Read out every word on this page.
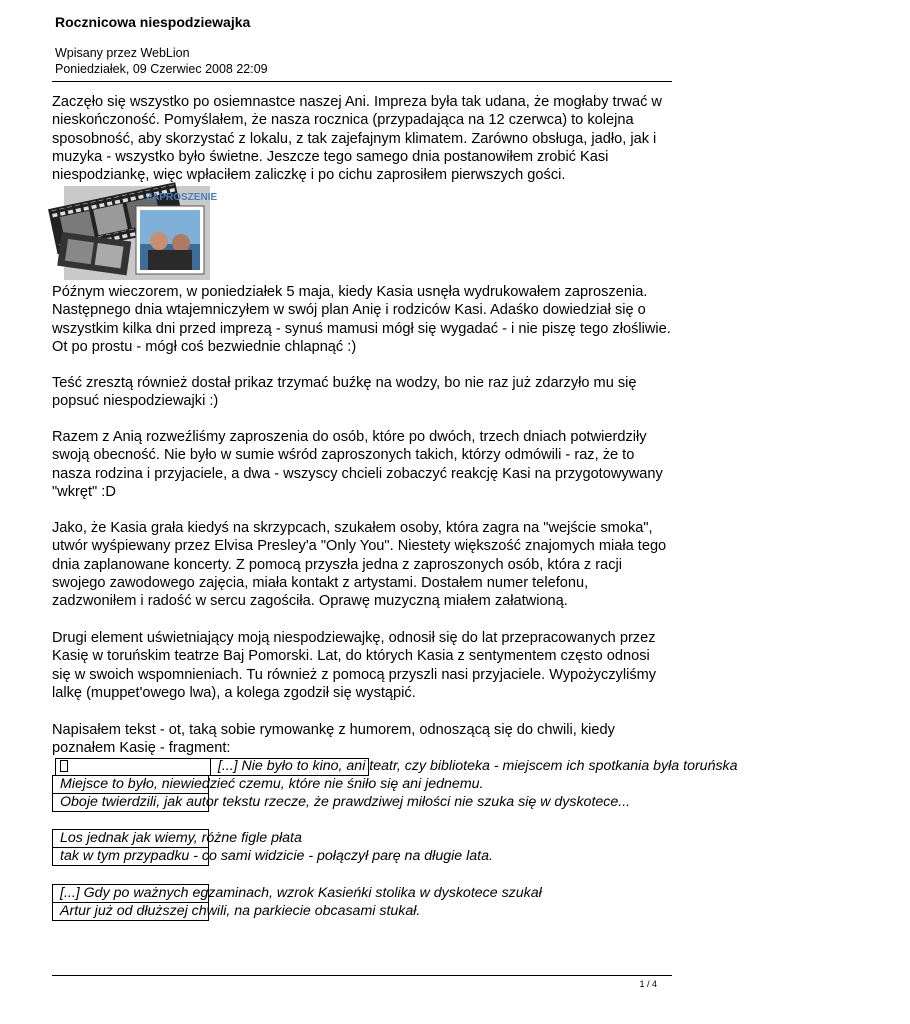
Rocznicowa niespodziewajka
Wpisany przez WebLion
Poniedziałek, 09 Czerwiec 2008 22:09
Zaczęło się wszystko po osiemnastce naszej Ani. Impreza była tak udana, że mogłaby trwać w
nieskończoność. Pomyślałem, że nasza rocznica (przypadająca na 12 czerwca) to kolejna
sposobność, aby skorzystać z lokalu, z tak zajefajnym klimatem. Zarówno obsługa, jadło, jak i
muzyka - wszystko było świetne. Jeszcze tego samego dnia postanowiłem zrobić Kasi
niespodziankę, więc wpłaciłem zaliczkę i po cichu zaprosiłem pierwszych gości.
ZAPROSZENIE
Późnym wieczorem, w poniedziałek 5 maja, kiedy Kasia usnęła wydrukowałem zaproszenia.
Następnego dnia wtajemniczyłem w swój plan Anię i rodziców Kasi. Adaśko dowiedział się o
wszystkim kilka dni przed imprezą - synuś mamusi mógł się wygadać - i nie piszę tego złośliwie.
Ot po prostu - mógł coś bezwiednie chlapnąć :)
Teść zresztą również dostał prikaz trzymać buźkę na wodzy, bo nie raz już zdarzyło mu się
popsuć niespodziewajki :)
Razem z Anią rozweźliśmy zaproszenia do osób, które po dwóch, trzech dniach potwierdziły
swoją obecność. Nie było w sumie wśród zaproszonych takich, którzy odmówili - raz, że to
nasza rodzina i przyjaciele, a dwa - wszyscy chcieli zobaczyć reakcję Kasi na przygotowywany
"wkręt" :D
Jako, że Kasia grała kiedyś na skrzypcach, szukałem osoby, która zagra na "wejście smoka",
utwór wyśpiewany przez Elvisa Presley'a "Only You". Niestety większość znajomych miała tego
dnia zaplanowane koncerty. Z pomocą przyszła jedna z zaproszonych osób, która z racji
swojego zawodowego zajęcia, miała kontakt z artystami. Dostałem numer telefonu,
zadzwoniłem i radość w sercu zagościła. Oprawę muzyczną miałem załatwioną.
Drugi element uświetniający moją niespodziewajkę, odnosił się do lat przepracowanych przez
Kasię w toruńskim teatrze Baj Pomorski. Lat, do których Kasia z sentymentem często odnosi
się w swoich wspomnieniach. Tu również z pomocą przyszli nasi przyjaciele. Wypożyczyliśmy
lalkę (muppet'owego lwa), a kolega zgodził się wystąpić.
Napisałem tekst - ot, taką sobie rymowankę z humorem, odnoszącą się do chwili, kiedy
poznałem Kasię - fragment:
[...] Nie było to kino, ani teatr, czy biblioteka - miejscem ich spotkania była toruńska
Miejsce to było, niewiedzieć czemu, które nie śniło się ani jednemu.
Oboje twierdzili, jak autor tekstu rzecze, że prawdziwej miłości nie szuka się w dyskotece...
Los jednak jak wiemy, różne figle płata
tak w tym przypadku - co sami widzicie - połączył parę na długie lata.
[...] Gdy po ważnych egzaminach, wzrok Kasieńki stolika w dyskotece szukał
Artur już od dłuższej chwili, na parkiecie obcasami stukał.
1 / 4
